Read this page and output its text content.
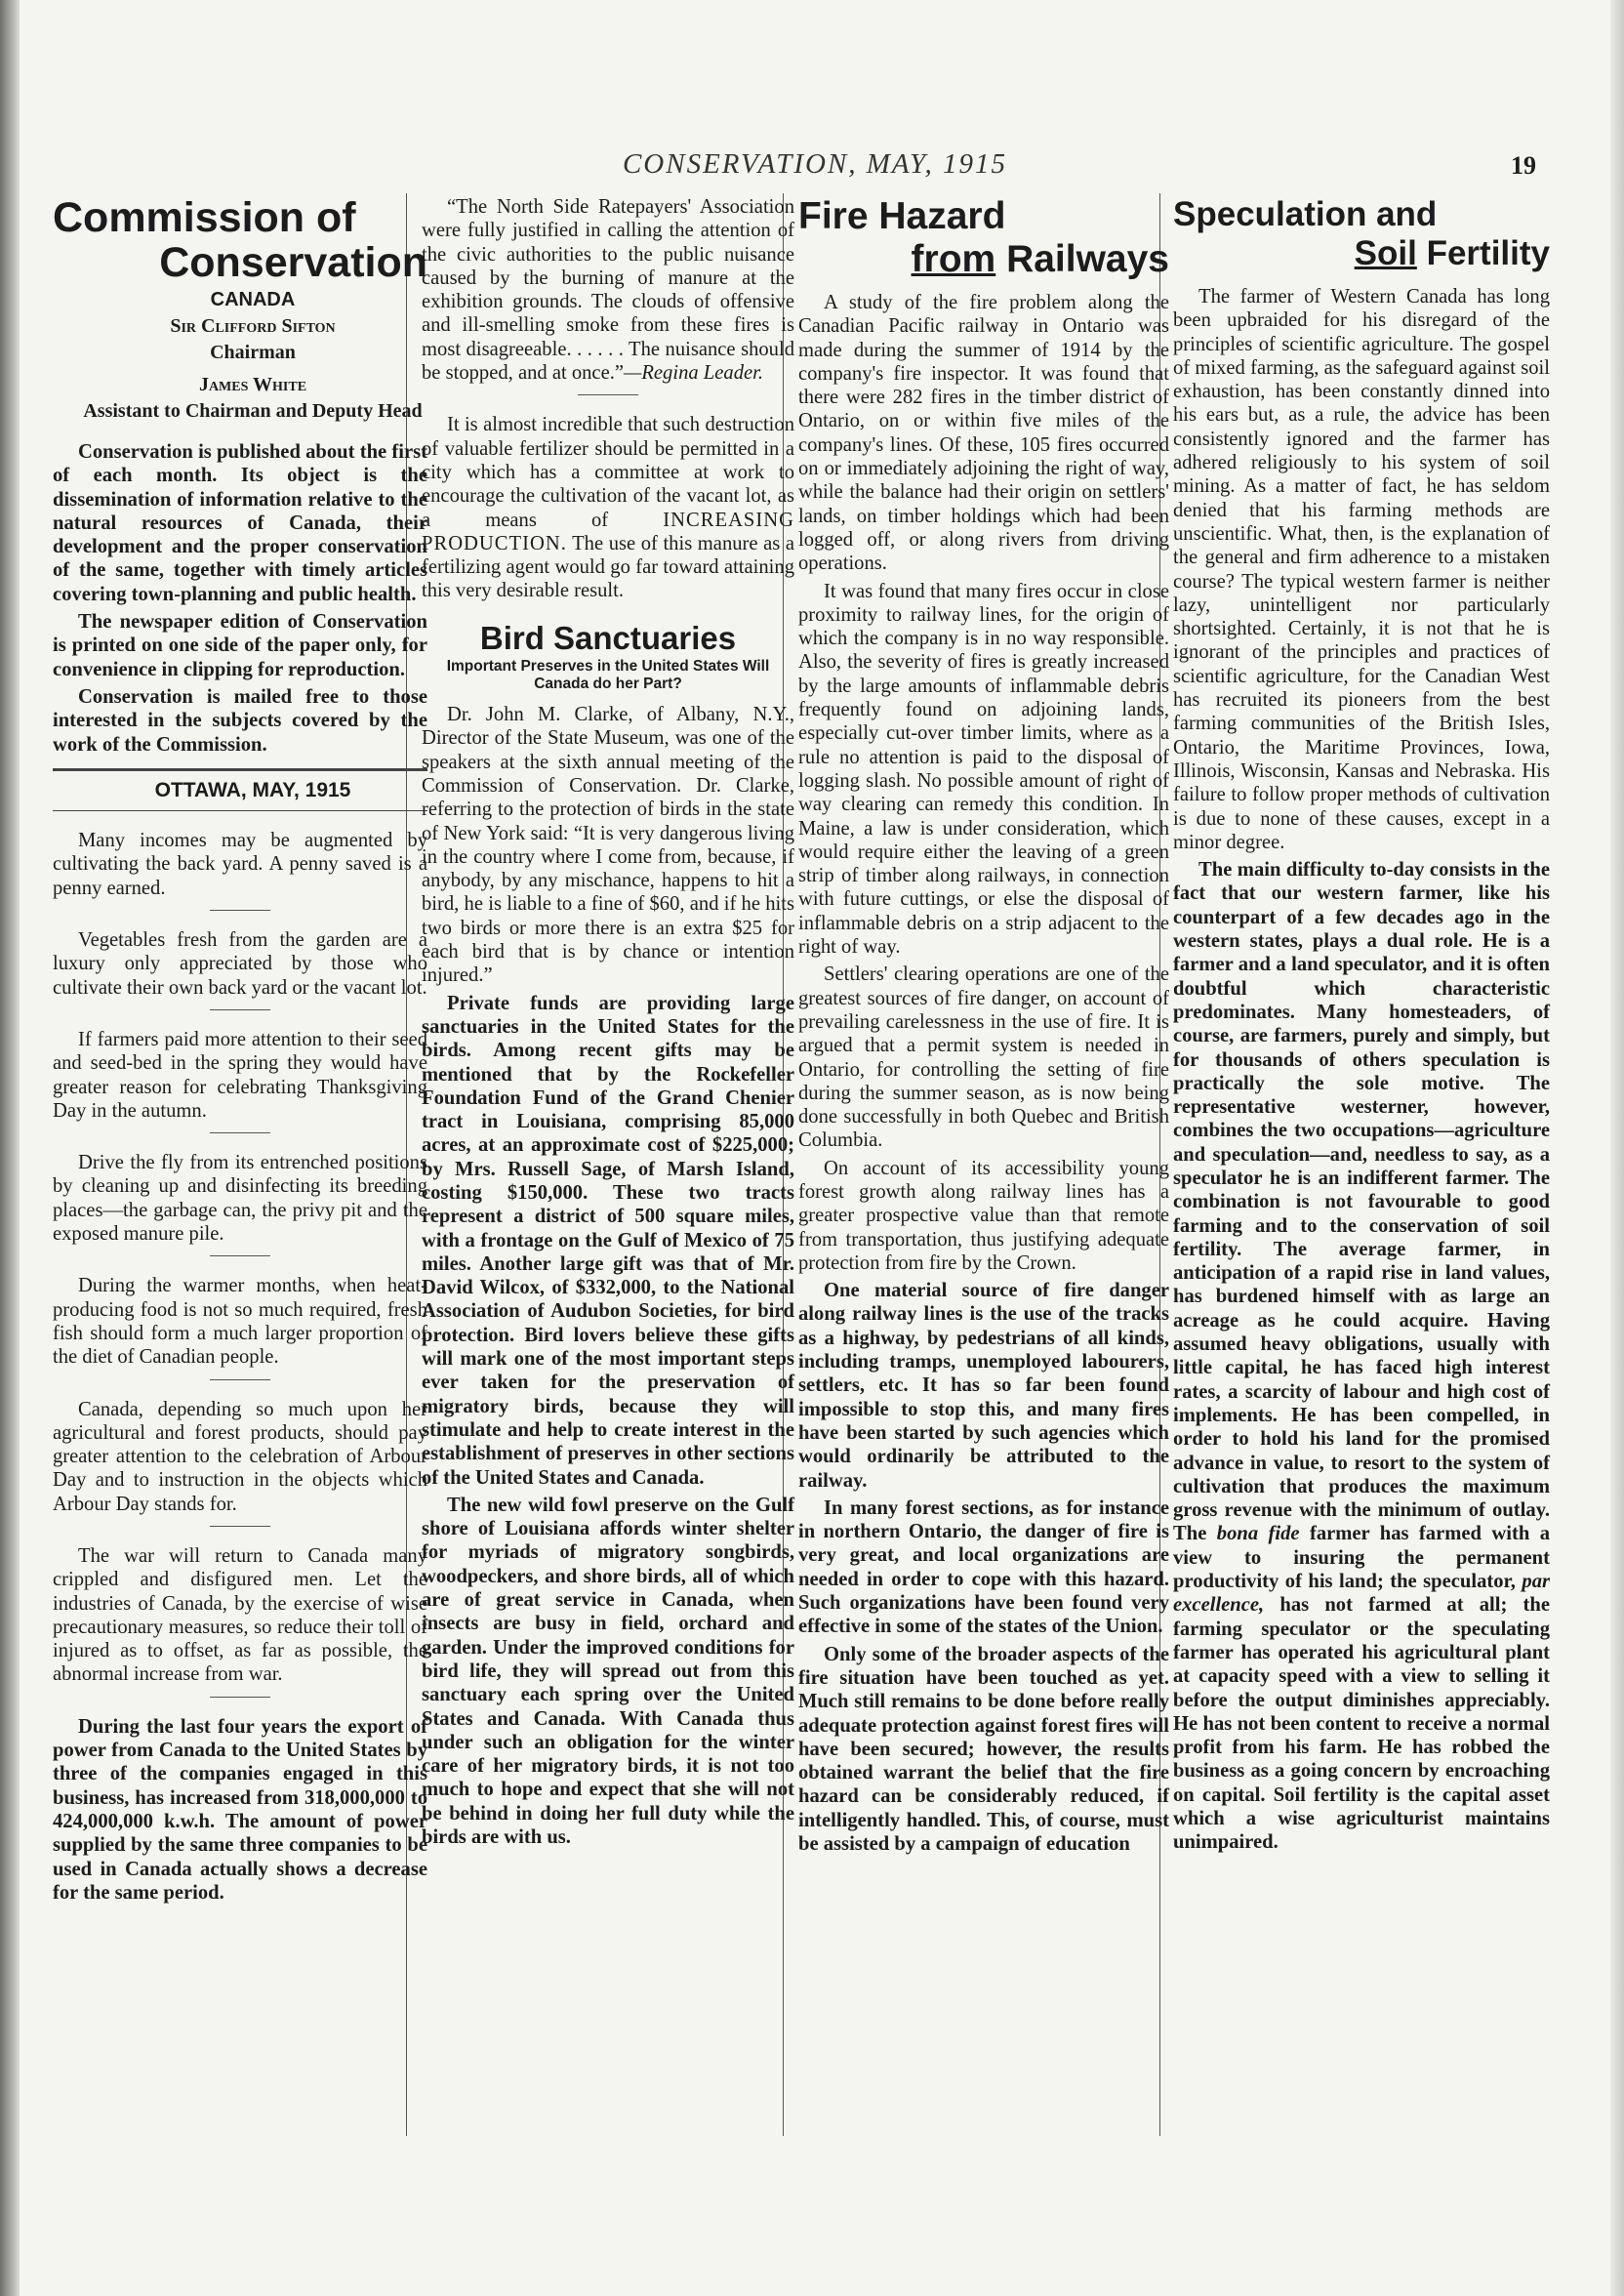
CONSERVATION, MAY, 1915	19
Commission of
Conservation

CANADA

Sir Clifford Sifton

Chairman

James White

Assistant to Chairman and Deputy Head

Conservation is published about the first of each month. Its object is the dissemination of information relative to the natural resources of Canada, their development and the proper conservation of the same, together with timely articles covering town-planning and public health.

The newspaper edition of Conservation is printed on one side of the paper only, for convenience in clipping for reproduction.

Conservation is mailed free to those interested in the subjects covered by the work of the Commission.

OTTAWA, MAY, 1915

Many incomes may be augmented by cultivating the back yard. A penny saved is a penny earned.

Vegetables fresh from the garden are a luxury only appreciated by those who cultivate their own back yard or the vacant lot.

If farmers paid more attention to their seed and seed-bed in the spring they would have greater reason for celebrating Thanksgiving Day in the autumn.

Drive the fly from its entrenched positions by cleaning up and disinfecting its breeding places—the garbage can, the privy pit and the exposed manure pile.

During the warmer months, when heat-producing food is not so much required, fresh fish should form a much larger proportion of the diet of Canadian people.

Canada, depending so much upon her agricultural and forest products, should pay greater attention to the celebration of Arbour Day and to instruction in the objects which Arbour Day stands for.

The war will return to Canada many crippled and disfigured men. Let the industries of Canada, by the exercise of wise precautionary measures, so reduce their toll of injured as to offset, as far as possible, the abnormal increase from war.

During the last four years the export of power from Canada to the United States by three of the companies engaged in this business, has increased from 318,000,000 to 424,000,000 k.w.h. The amount of power supplied by the same three companies to be used in Canada actually shows a decrease for the same period.

“The North Side Ratepayers' Association were fully justified in calling the attention of the civic authorities to the public nuisance caused by the burning of manure at the exhibition grounds. The clouds of offensive and ill-smelling smoke from these fires is most disagreeable. . . . . . The nuisance should be stopped, and at once.”—Regina Leader.

It is almost incredible that such destruction of valuable fertilizer should be permitted in a city which has a committee at work to encourage the cultivation of the vacant lot, as a means of	INCREASING PRODUCTION. The use of this manure as a fertilizing agent would go far toward attaining this very desirable result.

Bird Sanctuaries
Important Preserves in the United States Will Canada do her Part?

Dr. John M. Clarke, of Albany, N.Y., Director of the State Museum, was one of the speakers at the sixth annual meeting of the Commission of Conservation. Dr. Clarke, referring to the protection of birds in the state of New York said: “It is very dangerous living in the country where I come from, because, if anybody, by any mischance, happens to hit a bird, he is liable to a fine of $60, and if he hits two birds or more there is an extra $25 for each bird that is by chance or intention injured.”

Private funds are providing large sanctuaries in the United States for the birds. Among recent gifts may be mentioned that by the Rockefeller Foundation Fund of the Grand Chenier tract in Louisiana, comprising 85,000 acres, at an approximate cost of $225,000; by Mrs. Russell Sage, of Marsh Island, costing $150,000. These two tracts represent a district of 500 square miles, with a frontage on the Gulf of Mexico of 75 miles. Another large gift was that of Mr. David Wilcox, of $332,000, to the National Association of Audubon Societies, for bird protection. Bird lovers believe these gifts will mark one of the most important steps ever taken for the preservation of migratory birds, because they will stimulate and help to create interest in the establishment of preserves in other sections of the United States and Canada.

The new wild fowl preserve on the Gulf shore of Louisiana affords winter shelter for myriads of migratory songbirds, woodpeckers, and shore birds, all of which are of great service in Canada, when insects are busy in field, orchard and garden. Under the improved conditions for bird life, they will spread out from this sanctuary each spring over the United States and Canada. With Canada thus under such an obligation for the winter care of her migratory birds, it is not too much to hope and expect that she will not be behind in doing her full duty while the birds are with us.

Fire Hazard
from Railways

A study of the fire problem along the Canadian Pacific railway in Ontario was made during the summer of 1914 by the company's fire inspector. It was found that there were 282 fires in the timber district of Ontario, on or within five miles of the company's lines. Of these, 105 fires occurred on or immediately adjoining the right of way, while the balance had their origin on settlers' lands, on timber holdings which had been logged off, or along rivers from driving operations.

It was found that many fires occur in close proximity to railway lines, for the origin of which the company is in no way responsible. Also, the severity of fires is greatly increased by the large amounts of inflammable debris frequently found on adjoining lands, especially cut-over timber limits, where as a rule no attention is paid to the disposal of logging slash. No possible amount of right of way clearing can remedy this condition. In Maine, a law is under consideration, which would require either the leaving of a green strip of timber along railways, in connection with future cuttings, or else the disposal of inflammable debris on a strip adjacent to the right of way.

Settlers' clearing operations are one of the greatest sources of fire danger, on account of prevailing carelessness in the use of fire. It is argued that a permit system is needed in Ontario, for controlling the setting of fire during the summer season, as is now being done successfully in both Quebec and British Columbia.

On account of its accessibility young forest growth along railway lines has a greater prospective value than that remote from transportation, thus justifying adequate protection from fire by the Crown.

One material source of fire danger along railway lines is the use of the tracks as a highway, by pedestrians of all kinds, including tramps, unemployed labourers, settlers, etc. It has so far been found impossible to stop this, and many fires have been started by such agencies which would ordinarily be attributed to the railway.

In many forest sections, as for instance in northern Ontario, the danger of fire is very great, and local organizations are needed in order to cope with this hazard. Such organizations have been found very effective in some of the states of the Union.

Only some of the broader aspects of the fire situation have been touched as yet. Much still remains to be done before really adequate protection against forest fires will have been secured; however, the results obtained warrant the belief that the fire hazard can be considerably reduced, if intelligently handled. This, of course, must be assisted by a campaign of education

Speculation and
Soil Fertility

The farmer of Western Canada has long been upbraided for his disregard of the principles of scientific agriculture. The gospel of mixed farming, as the safeguard against soil exhaustion, has been constantly dinned into his ears but, as a rule, the advice has been consistently ignored and the farmer has adhered religiously to his system of soil mining. As a matter of fact, he has seldom denied that his farming methods are unscientific. What, then, is the explanation of the general and firm adherence to a mistaken course? The typical western farmer is neither lazy, unintelligent nor particularly shortsighted. Certainly, it is not that he is ignorant of the principles and practices of scientific agriculture, for the Canadian West has recruited its pioneers from the best farming communities of the British Isles, Ontario, the Maritime Provinces, Iowa, Illinois, Wisconsin, Kansas and Nebraska. His failure to follow proper methods of cultivation is due to none of these causes, except in a minor degree.

The main difficulty to-day consists in the fact that our western farmer, like his counterpart of a few decades ago in the western states, plays a dual role. He is a farmer and a land speculator, and it is often doubtful which characteristic predominates. Many homesteaders, of course, are farmers, purely and simply, but for thousands of others speculation is practically the sole motive. The representative westerner, however, combines the two occupations—agriculture and speculation—and, needless to say, as a speculator he is an indifferent farmer. The combination is not favourable to good farming and to the conservation of soil fertility. The average farmer, in anticipation of a rapid rise in land values, has burdened himself with as large an acreage as he could acquire. Having assumed heavy obligations, usually with little capital, he has faced high interest rates, a scarcity of labour and high cost of implements. He has been compelled, in order to hold his land for the promised advance in value, to resort to the system of cultivation that produces the maximum gross revenue with the minimum of outlay. The bona fide farmer has farmed with a view to insuring the permanent productivity of his land; the speculator, par excellence, has not farmed at all; the farming speculator or the speculating farmer has operated his agricultural plant at capacity speed with a view to selling it before the output diminishes appreciably. He has not been content to receive a normal profit from his farm. He has robbed the business as a going concern by encroaching on capital. Soil fertility is the capital asset which a wise agriculturist maintains unimpaired.
